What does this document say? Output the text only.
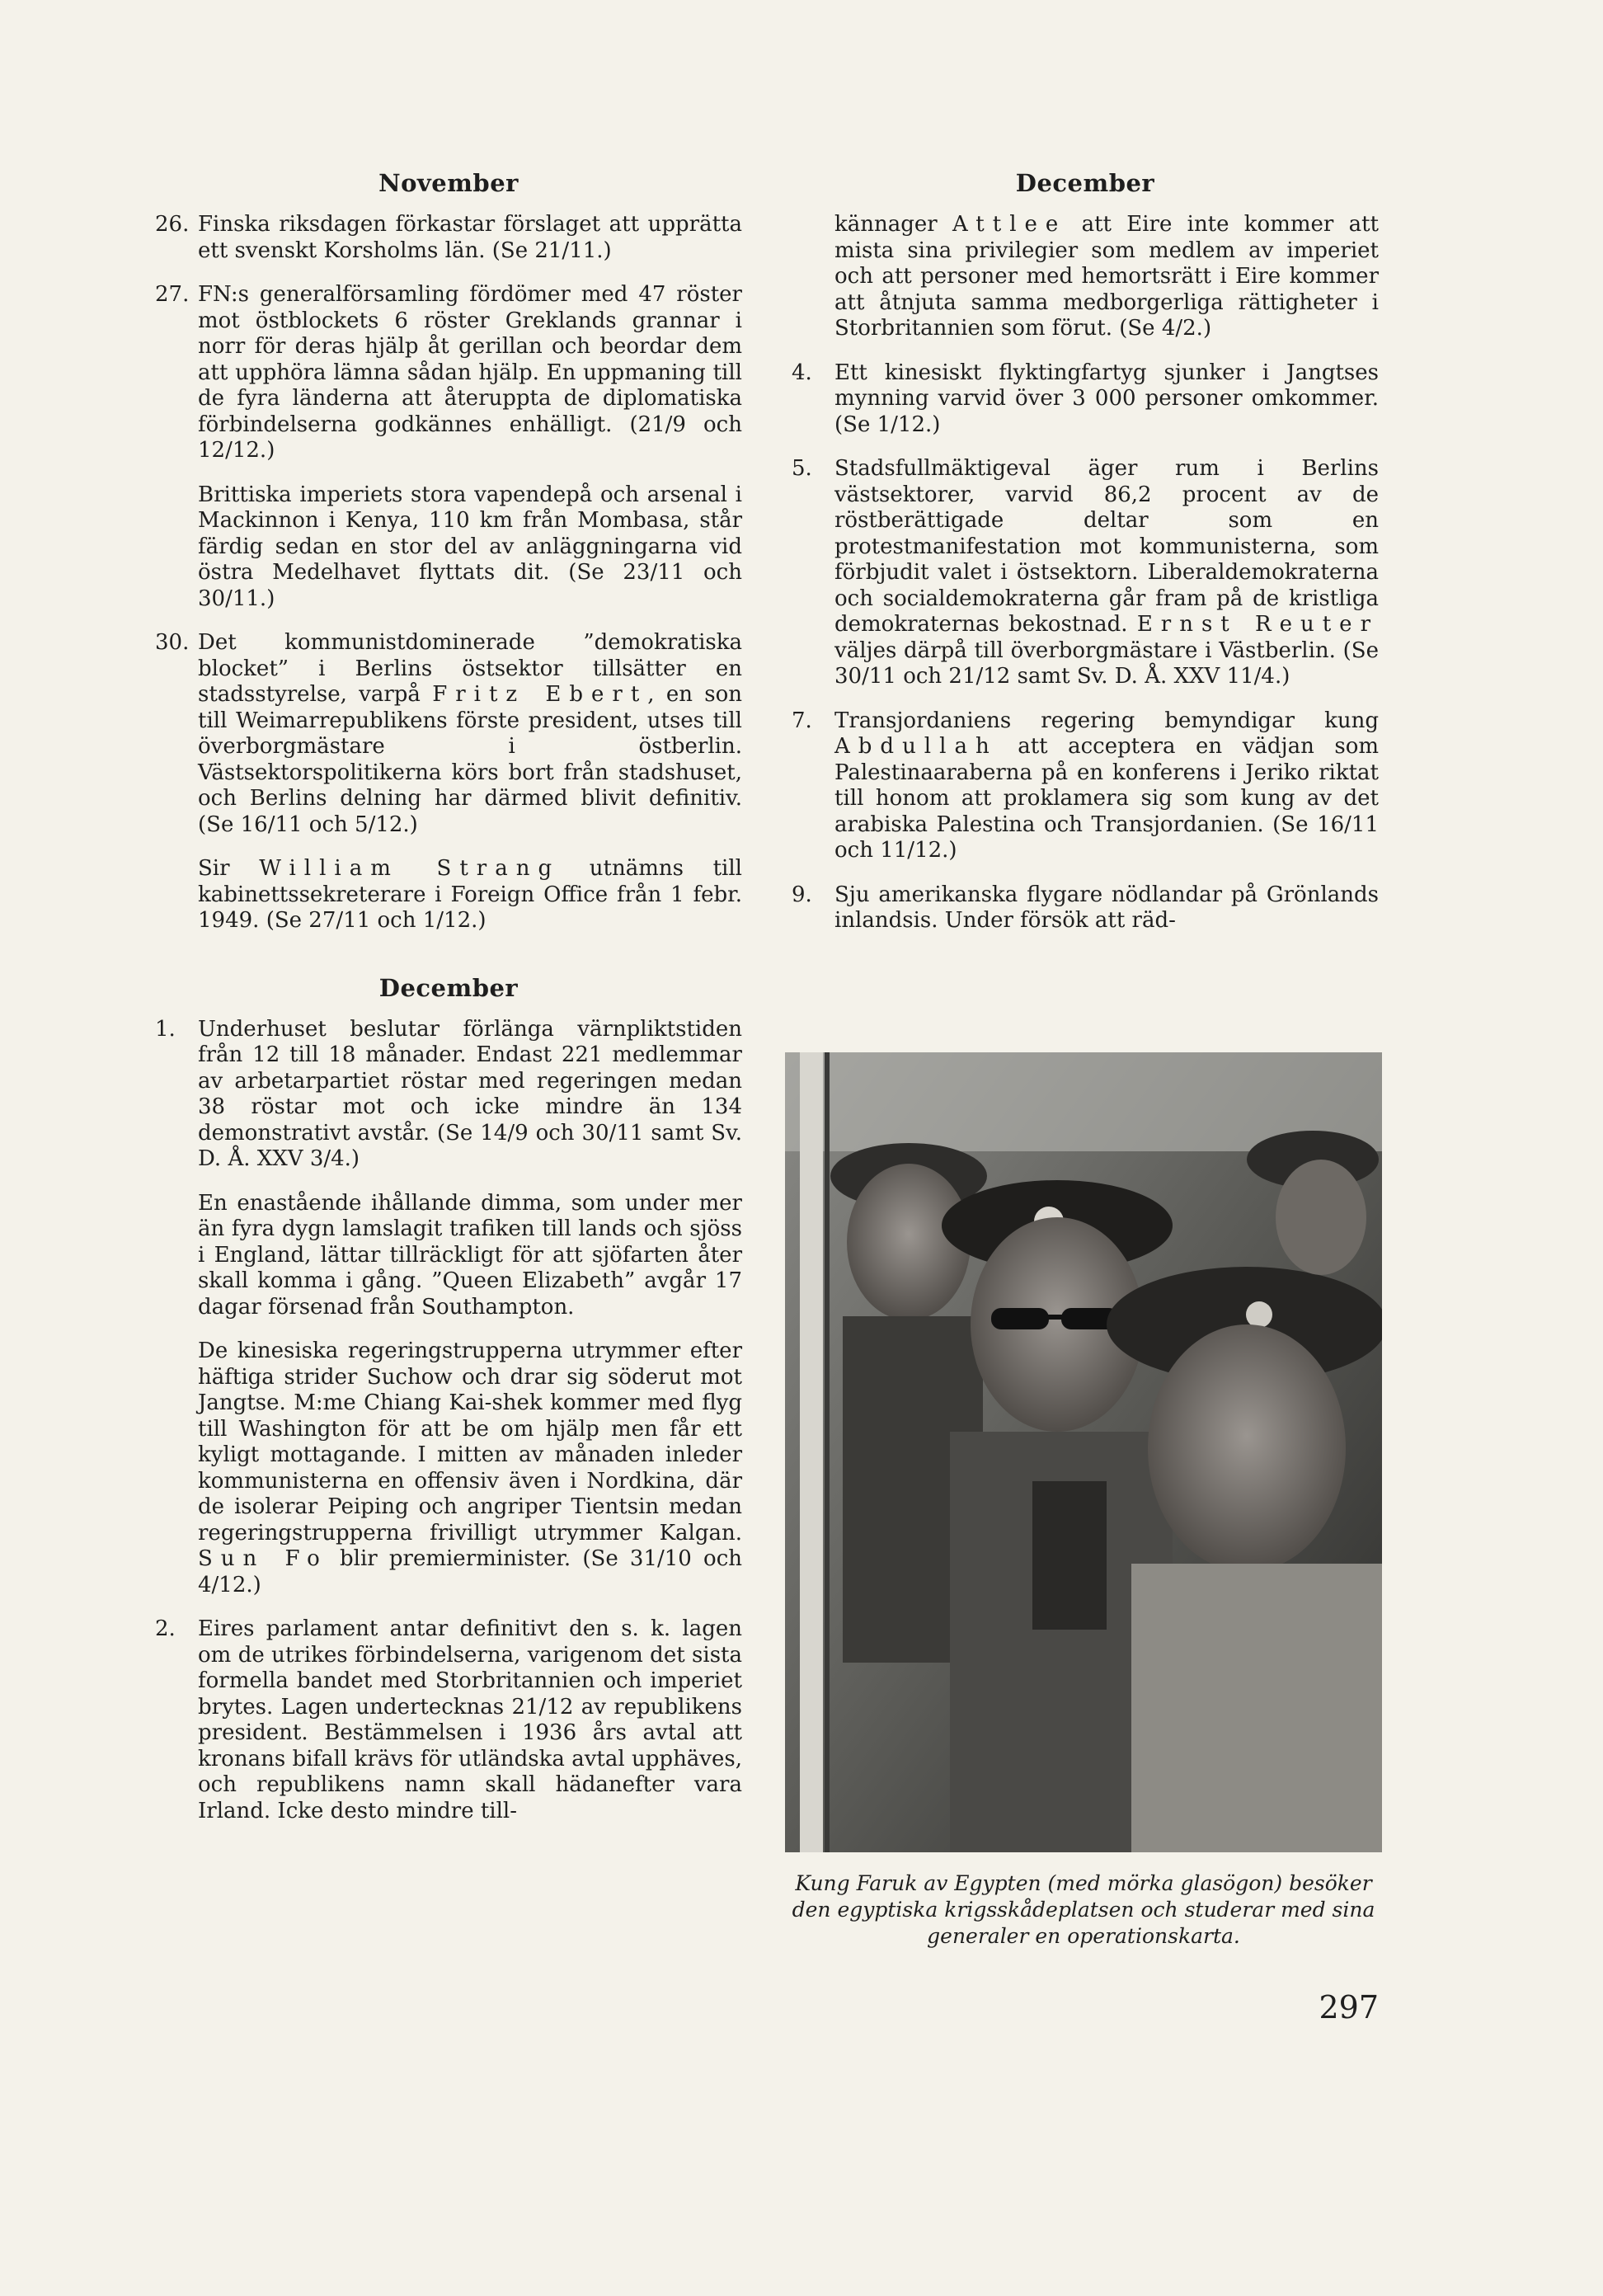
November
26. Finska riksdagen förkastar förslaget att upprätta ett svenskt Korsholms län. (Se 21/11.)

27. FN:s generalförsamling fördömer med 47 röster mot östblockets 6 röster Greklands grannar i norr för deras hjälp åt gerillan och beordar dem att upphöra lämna sådan hjälp. En uppmaning till de fyra länderna att återuppta de diplomatiska förbindelserna godkännes enhälligt. (21/9 och 12/12.)

Brittiska imperiets stora vapendepå och arsenal i Mackinnon i Kenya, 110 km från Mombasa, står färdig sedan en stor del av anläggningarna vid östra Medelhavet flyttats dit. (Se 23/11 och 30/11.)

30. Det kommunistdominerade ”demokratiska blocket” i Berlins östsektor tillsätter en stadsstyrelse, varpå Fritz Ebert, en son till Weimarrepublikens förste president, utses till överborgmästare i östberlin. Västsektorspolitikerna körs bort från stadshuset, och Berlins delning har därmed blivit definitiv. (Se 16/11 och 5/12.)

Sir William Strang utnämns till kabinettssekreterare i Foreign Office från 1 febr. 1949. (Se 27/11 och 1/12.)

December
1. Underhuset beslutar förlänga värnpliktstiden från 12 till 18 månader. Endast 221 medlemmar av arbetarpartiet röstar med regeringen medan 38 röstar mot och icke mindre än 134 demonstrativt avstår. (Se 14/9 och 30/11 samt Sv. D. Å. XXV 3/4.)

En enastående ihållande dimma, som under mer än fyra dygn lamslagit trafiken till lands och sjöss i England, lättar tillräckligt för att sjöfarten åter skall komma i gång. ”Queen Elizabeth” avgår 17 dagar försenad från Southampton.

De kinesiska regeringstrupperna utrymmer efter häftiga strider Suchow och drar sig söderut mot Jangtse. M:me Chiang Kai-shek kommer med flyg till Washington för att be om hjälp men får ett kyligt mottagande. I mitten av månaden inleder kommunisterna en offensiv även i Nordkina, där de isolerar Peiping och angriper Tientsin medan regeringstrupperna frivilligt utrymmer Kalgan. Sun Fo blir premierminister. (Se 31/10 och 4/12.)

2. Eires parlament antar definitivt den s. k. lagen om de utrikes förbindelserna, varigenom det sista formella bandet med Storbritannien och imperiet brytes. Lagen undertecknas 21/12 av republikens president. Bestämmelsen i 1936 års avtal att kronans bifall krävs för utländska avtal upphäves, och republikens namn skall hädanefter vara Irland. Icke desto mindre till-

December

kännager Attlee att Eire inte kommer att mista sina privilegier som medlem av imperiet och att personer med hemortsrätt i Eire kommer att åtnjuta samma medborgerliga rättigheter i Storbritannien som förut. (Se 4/2.)

4. Ett kinesiskt flyktingfartyg sjunker i Jangtses mynning varvid över 3 000 personer omkommer. (Se 1/12.)

5. Stadsfullmäktigeval äger rum i Berlins västsektorer, varvid 86,2 procent av de röstberättigade deltar som en protestmanifestation mot kommunisterna, som förbjudit valet i östsektorn. Liberaldemokraterna och socialdemokraterna går fram på de kristliga demokraternas bekostnad. Ernst Reuter väljes därpå till överborgmästare i Västberlin. (Se 30/11 och 21/12 samt Sv. D. Å. XXV 11/4.)

7. Transjordaniens regering bemyndigar kung Abdullah att acceptera en vädjan som Palestinaaraberna på en konferens i Jeriko riktat till honom att proklamera sig som kung av det arabiska Palestina och Transjordanien. (Se 16/11 och 11/12.)

9. Sju amerikanska flygare nödlandar på Grönlands inlandsis. Under försök att räd-

Kung Faruk av Egypten (med mörka glasögon) besöker den egyptiska krigsskådeplatsen och studerar med sina generaler en operationskarta.
297
